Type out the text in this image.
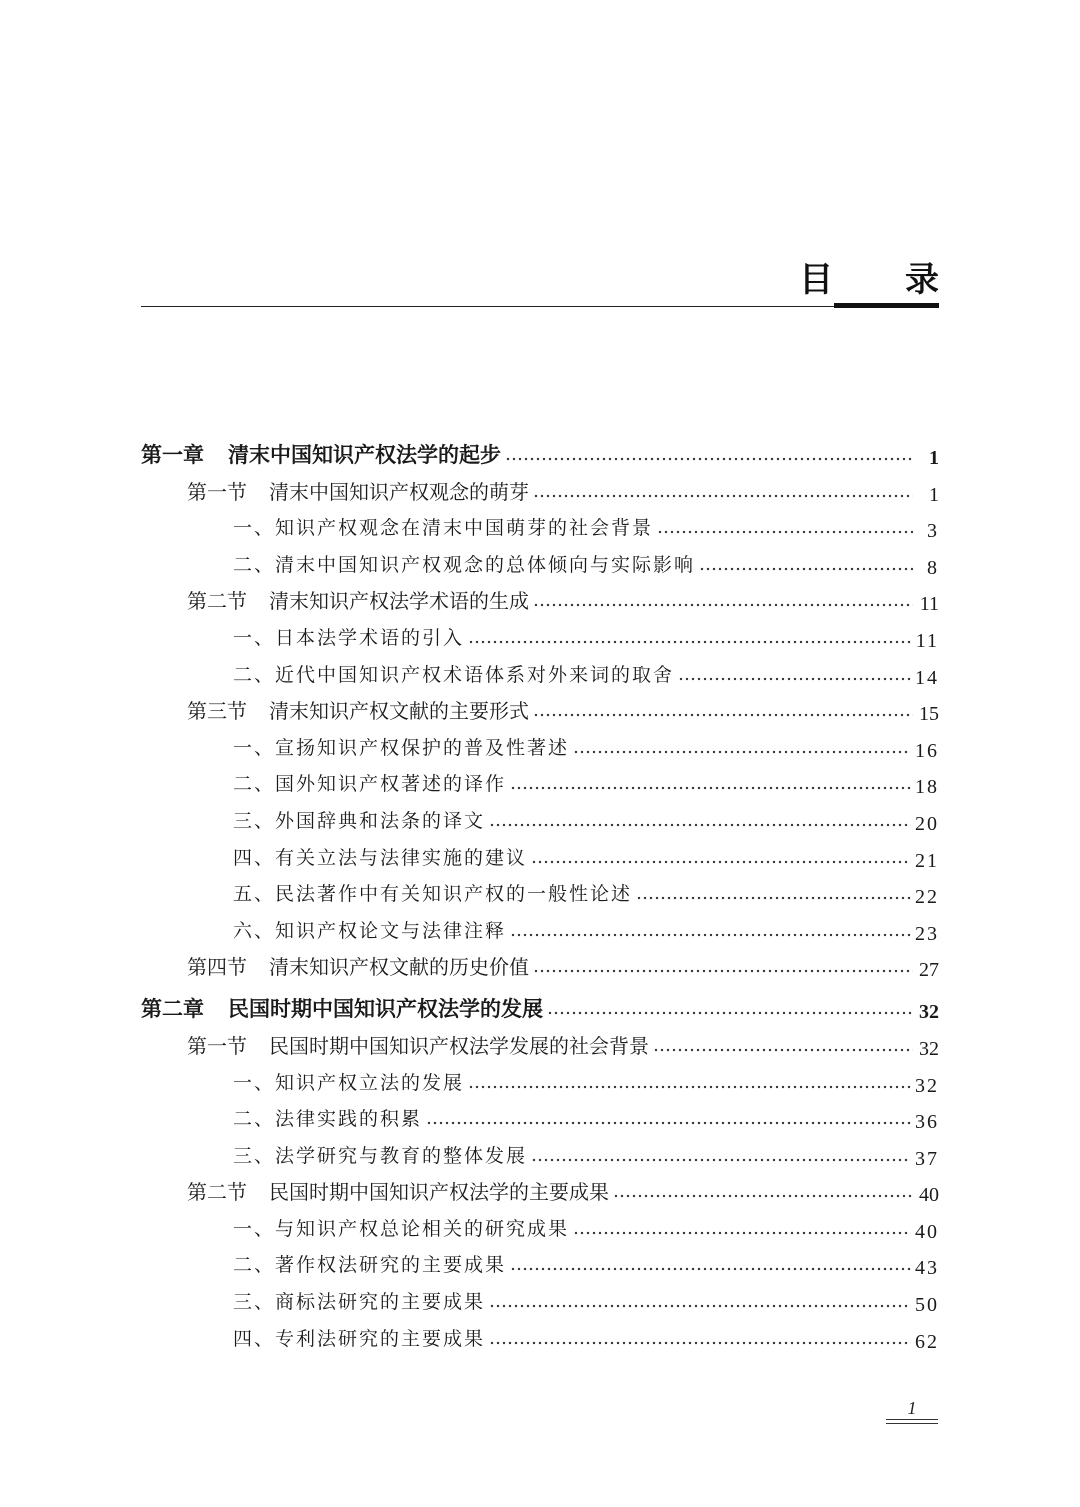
目 录
第一章 清末中国知识产权法学的起步	1
第一节 清末中国知识产权观念的萌芽	1
一、知识产权观念在清末中国萌芽的社会背景	3
二、清末中国知识产权观念的总体倾向与实际影响	8
第二节 清末知识产权法学术语的生成	11
一、日本法学术语的引入	11
二、近代中国知识产权术语体系对外来词的取舍	14
第三节 清末知识产权文献的主要形式	15
一、宣扬知识产权保护的普及性著述	16
二、国外知识产权著述的译作	18
三、外国辞典和法条的译文	20
四、有关立法与法律实施的建议	21
五、民法著作中有关知识产权的一般性论述	22
六、知识产权论文与法律注释	23
第四节 清末知识产权文献的历史价值	27
第二章 民国时期中国知识产权法学的发展	32
第一节 民国时期中国知识产权法学发展的社会背景	32
一、知识产权立法的发展	32
二、法律实践的积累	36
三、法学研究与教育的整体发展	37
第二节 民国时期中国知识产权法学的主要成果	40
一、与知识产权总论相关的研究成果	40
二、著作权法研究的主要成果	43
三、商标法研究的主要成果	50
四、专利法研究的主要成果	62
1
